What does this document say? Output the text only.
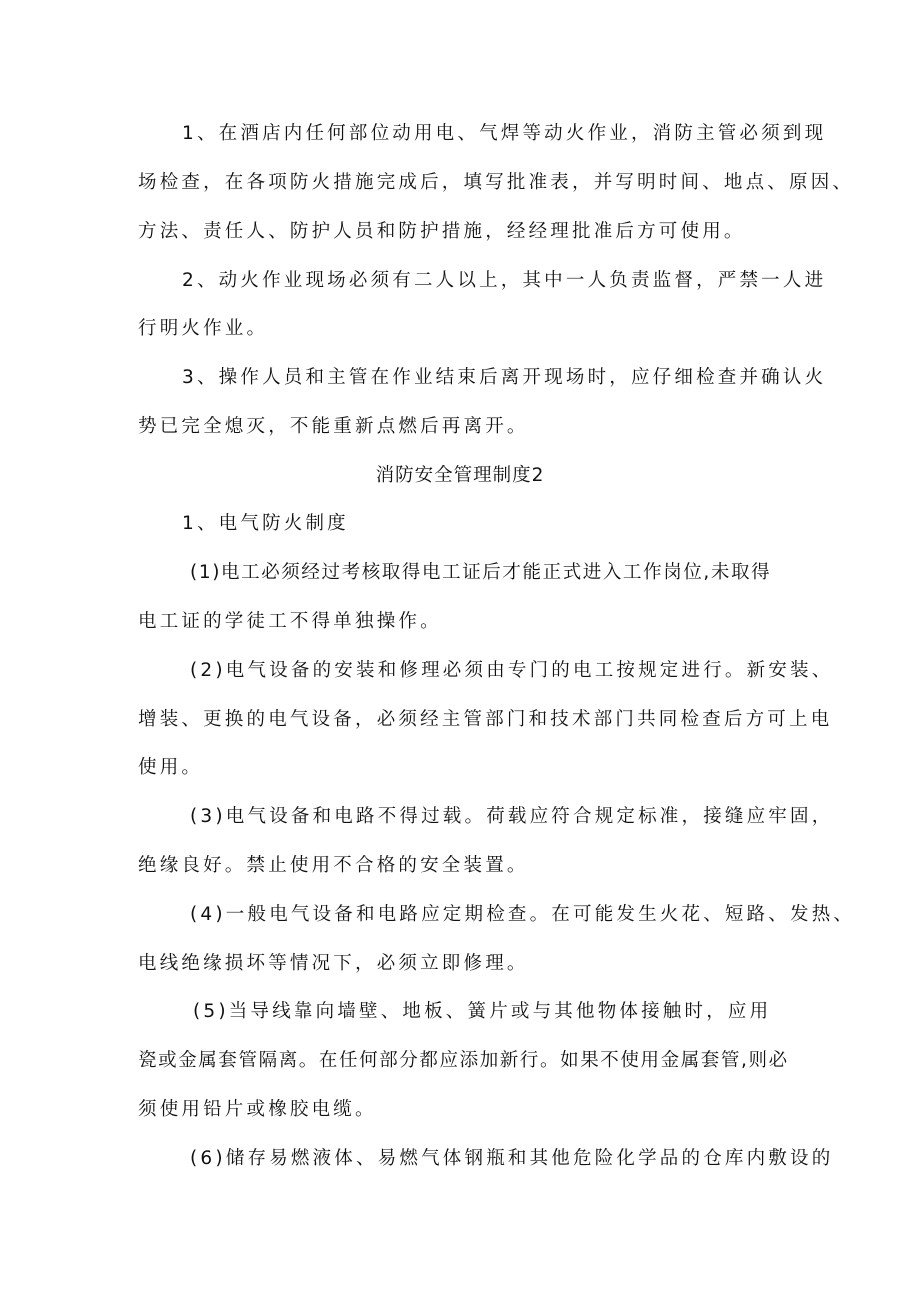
1、在酒店内任何部位动用电、气焊等动火作业，消防主管必须到现
场检查，在各项防火措施完成后，填写批准表，并写明时间、地点、原因、
方法、责任人、防护人员和防护措施，经经理批准后方可使用。
2、动火作业现场必须有二人以上，其中一人负责监督，严禁一人进
行明火作业。
3、操作人员和主管在作业结束后离开现场时，应仔细检查并确认火
势已完全熄灭，不能重新点燃后再离开。
消防安全管理制度2
1、电气防火制度
(1)电工必须经过考核取得电工证后才能正式进入工作岗位,未取得
电工证的学徒工不得单独操作。
(2)电气设备的安装和修理必须由专门的电工按规定进行。新安装、
增装、更换的电气设备，必须经主管部门和技术部门共同检查后方可上电
使用。
(3)电气设备和电路不得过载。荷载应符合规定标准，接缝应牢固，
绝缘良好。禁止使用不合格的安全装置。
(4)一般电气设备和电路应定期检查。在可能发生火花、短路、发热、
电线绝缘损坏等情况下，必须立即修理。
(5)当导线靠向墙壁、地板、簧片或与其他物体接触时，应用
瓷或金属套管隔离。在任何部分都应添加新行。如果不使用金属套管,则必
须使用铅片或橡胶电缆。
(6)储存易燃液体、易燃气体钢瓶和其他危险化学品的仓库内敷设的
